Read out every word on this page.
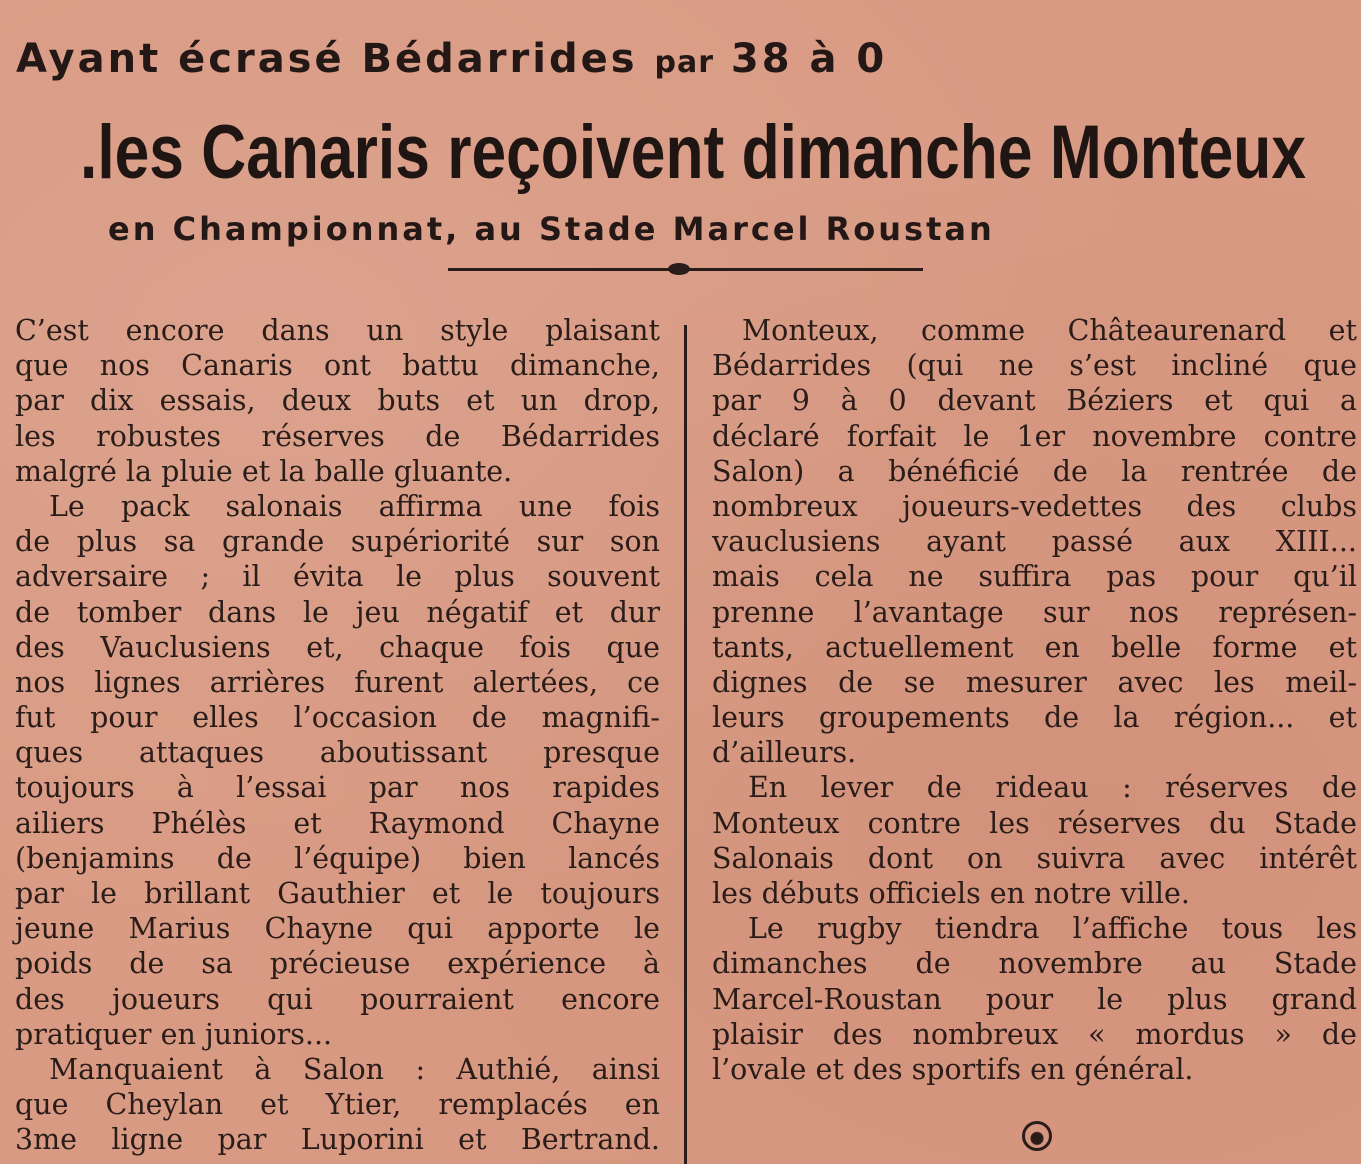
Ayant écrasé Bédarrides par 38 à 0
.les Canaris reçoivent dimanche Monteux
en Championnat, au Stade Marcel Roustan
C’est encore dans un style plaisant
que nos Canaris ont battu dimanche,
par dix essais, deux buts et un drop,
les robustes réserves de Bédarrides
malgré la pluie et la balle gluante.
Le pack salonais affirma une fois
de plus sa grande supériorité sur son
adversaire ; il évita le plus souvent
de tomber dans le jeu négatif et dur
des Vauclusiens et, chaque fois que
nos lignes arrières furent alertées, ce
fut pour elles l’occasion de magnifi-
ques attaques aboutissant presque
toujours à l’essai par nos rapides
ailiers Phélès et Raymond Chayne
(benjamins de l’équipe) bien lancés
par le brillant Gauthier et le toujours
jeune Marius Chayne qui apporte le
poids de sa précieuse expérience à
des joueurs qui pourraient encore
pratiquer en juniors...
Manquaient à Salon : Authié, ainsi
que Cheylan et Ytier, remplacés en
3me ligne par Luporini et Bertrand.
Monteux, comme Châteaurenard et
Bédarrides (qui ne s’est incliné que
par 9 à 0 devant Béziers et qui a
déclaré forfait le 1er novembre contre
Salon) a bénéficié de la rentrée de
nombreux joueurs-vedettes des clubs
vauclusiens ayant passé aux XIII...
mais cela ne suffira pas pour qu’il
prenne l’avantage sur nos représen-
tants, actuellement en belle forme et
dignes de se mesurer avec les meil-
leurs groupements de la région... et
d’ailleurs.
En lever de rideau : réserves de
Monteux contre les réserves du Stade
Salonais dont on suivra avec intérêt
les débuts officiels en notre ville.
Le rugby tiendra l’affiche tous les
dimanches de novembre au Stade
Marcel-Roustan pour le plus grand
plaisir des nombreux « mordus » de
l’ovale et des sportifs en général.
